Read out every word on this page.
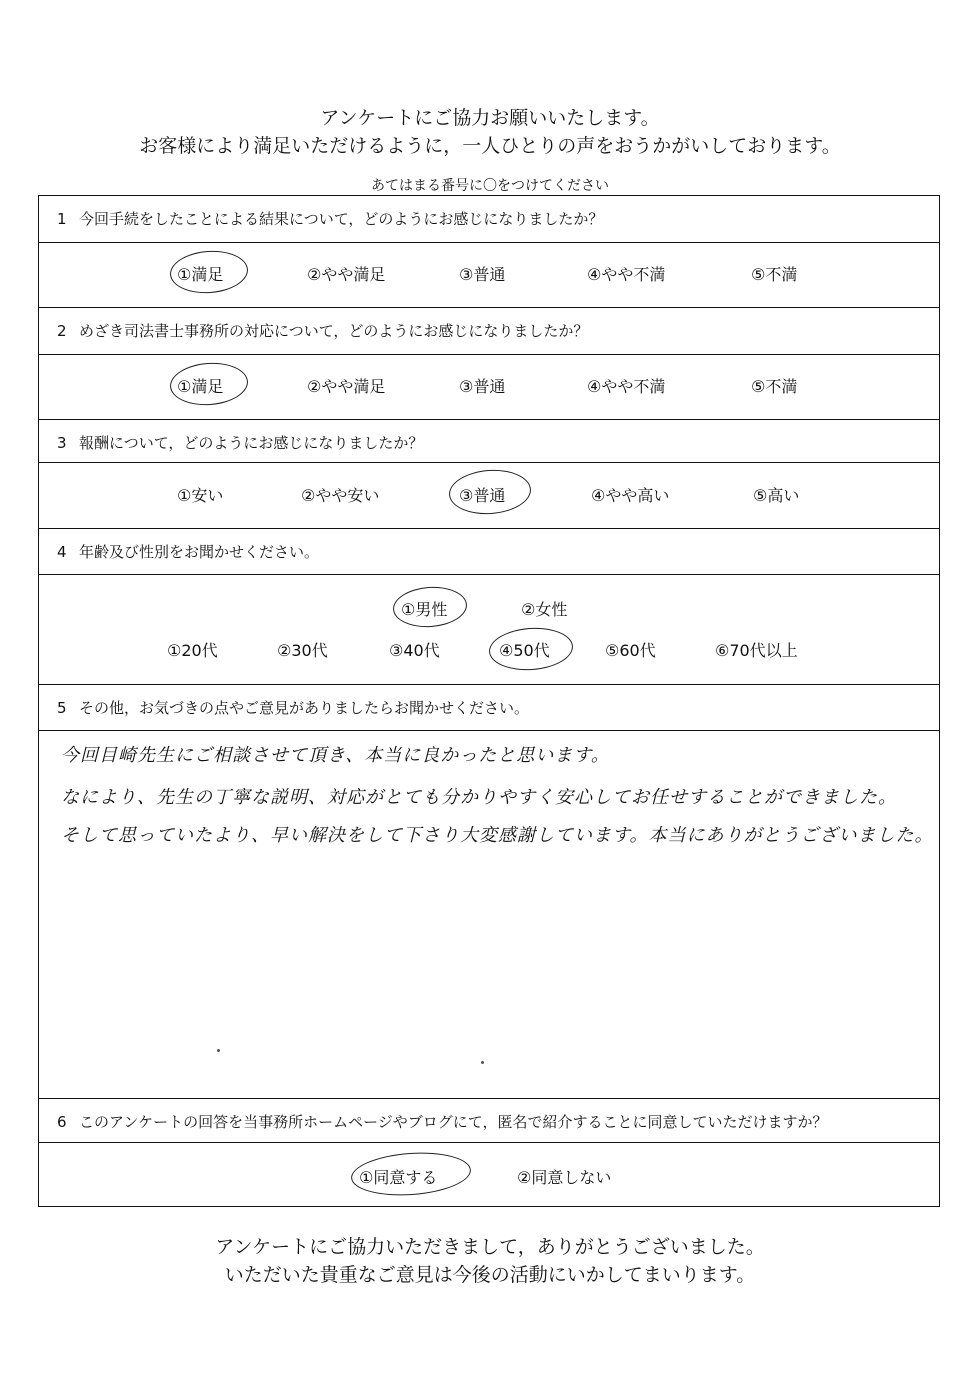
アンケートにご協力お願いいたします。
お客様により満足いただけるように，一人ひとりの声をおうかがいしております。
あてはまる番号に〇をつけてください
1 今回手続をしたことによる結果について，どのようにお感じになりましたか？
①満足	②やや満足	③普通	④やや不満	⑤不満
2 めざき司法書士事務所の対応について，どのようにお感じになりましたか？
①満足	②やや満足	③普通	④やや不満	⑤不満
3 報酬について，どのようにお感じになりましたか？
①安い	②やや安い	③普通	④やや高い	⑤高い
4 年齢及び性別をお聞かせください。
①男性	②女性
①20代	②30代	③40代	④50代	⑤60代	⑥70代以上
5 その他，お気づきの点やご意見がありましたらお聞かせください。
今回目崎先生にご相談させて頂き、本当に良かったと思います。
なにより、先生の丁寧な説明、対応がとても分かりやすく安心してお任せすることができました。
そして思っていたより、早い解決をして下さり大変感謝しています。本当にありがとうございました。
6 このアンケートの回答を当事務所ホームページやブログにて，匿名で紹介することに同意していただけますか？
①同意する	②同意しない
アンケートにご協力いただきまして，ありがとうございました。
いただいた貴重なご意見は今後の活動にいかしてまいります。
